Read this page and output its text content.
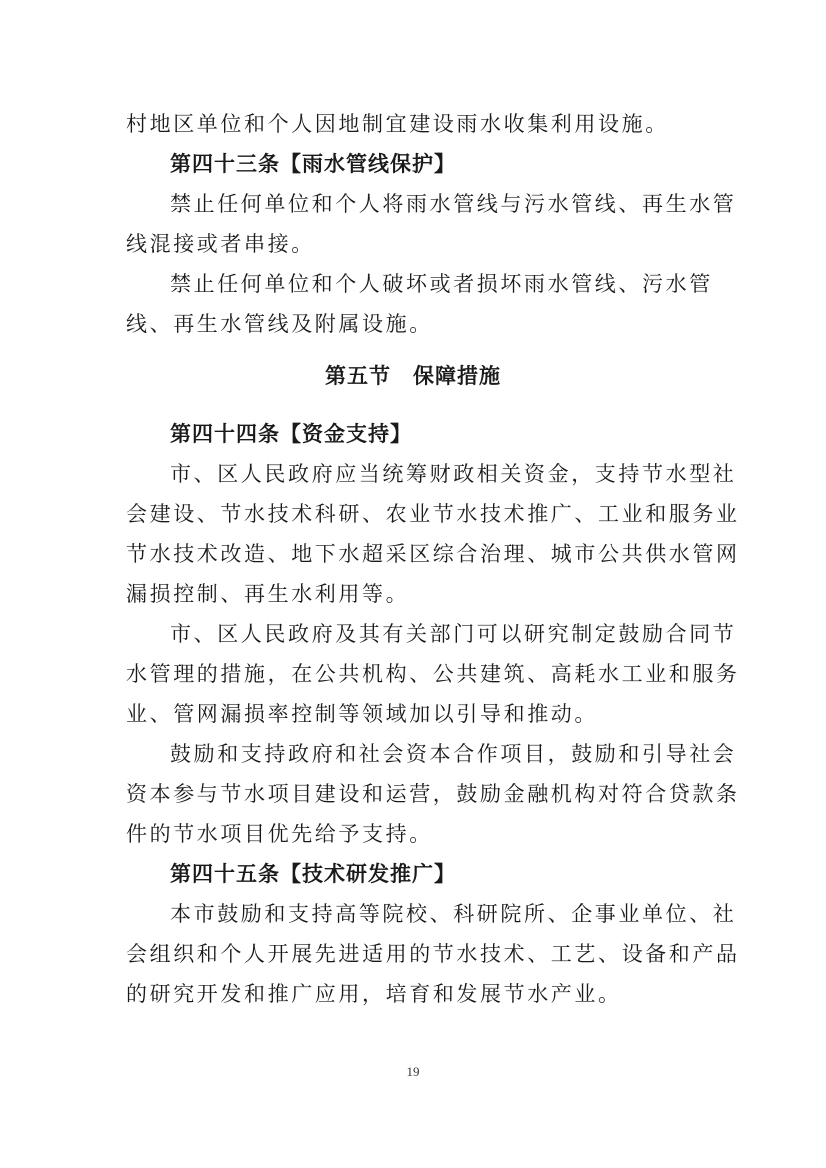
村地区单位和个人因地制宜建设雨水收集利用设施。
第四十三条【雨水管线保护】
禁止任何单位和个人将雨水管线与污水管线、再生水管
线混接或者串接。
禁止任何单位和个人破坏或者损坏雨水管线、污水管
线、再生水管线及附属设施。
第五节　保障措施
第四十四条【资金支持】
市、区人民政府应当统筹财政相关资金，支持节水型社
会建设、节水技术科研、农业节水技术推广、工业和服务业
节水技术改造、地下水超采区综合治理、城市公共供水管网
漏损控制、再生水利用等。
市、区人民政府及其有关部门可以研究制定鼓励合同节
水管理的措施，在公共机构、公共建筑、高耗水工业和服务
业、管网漏损率控制等领域加以引导和推动。
鼓励和支持政府和社会资本合作项目，鼓励和引导社会
资本参与节水项目建设和运营，鼓励金融机构对符合贷款条
件的节水项目优先给予支持。
第四十五条【技术研发推广】
本市鼓励和支持高等院校、科研院所、企事业单位、社
会组织和个人开展先进适用的节水技术、工艺、设备和产品
的研究开发和推广应用，培育和发展节水产业。
19
